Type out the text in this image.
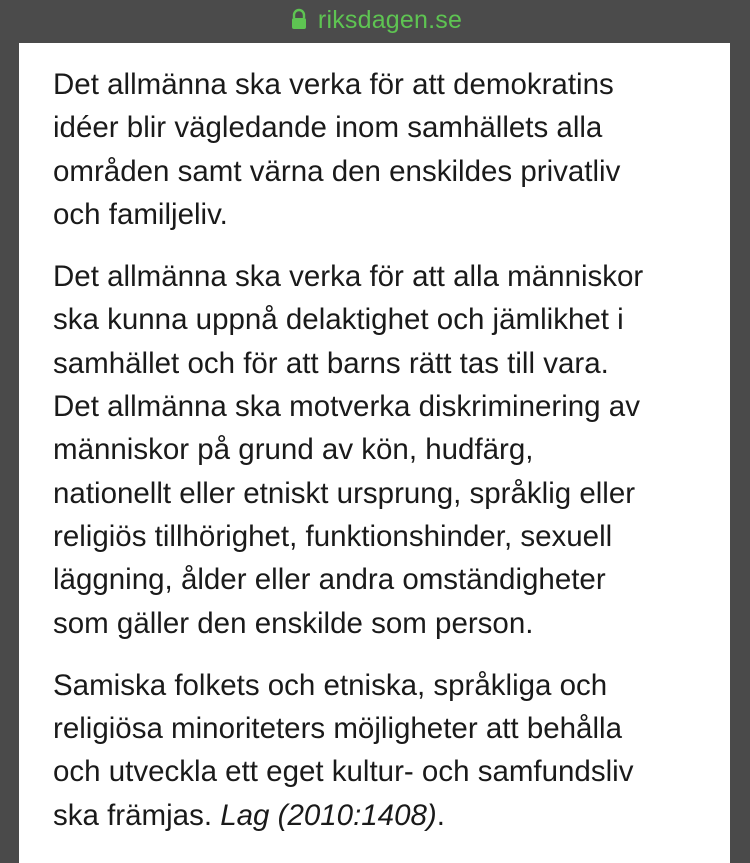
riksdagen.se

Det allmänna ska verka för att demokratins
idéer blir vägledande inom samhällets alla
områden samt värna den enskildes privatliv
och familjeliv.

Det allmänna ska verka för att alla människor
ska kunna uppnå delaktighet och jämlikhet i
samhället och för att barns rätt tas till vara.
Det allmänna ska motverka diskriminering av
människor på grund av kön, hudfärg,
nationellt eller etniskt ursprung, språklig eller
religiös tillhörighet, funktionshinder, sexuell
läggning, ålder eller andra omständigheter
som gäller den enskilde som person.

Samiska folkets och etniska, språkliga och
religiösa minoriteters möjligheter att behålla
och utveckla ett eget kultur- och samfundsliv
ska främjas. Lag (2010:1408).
